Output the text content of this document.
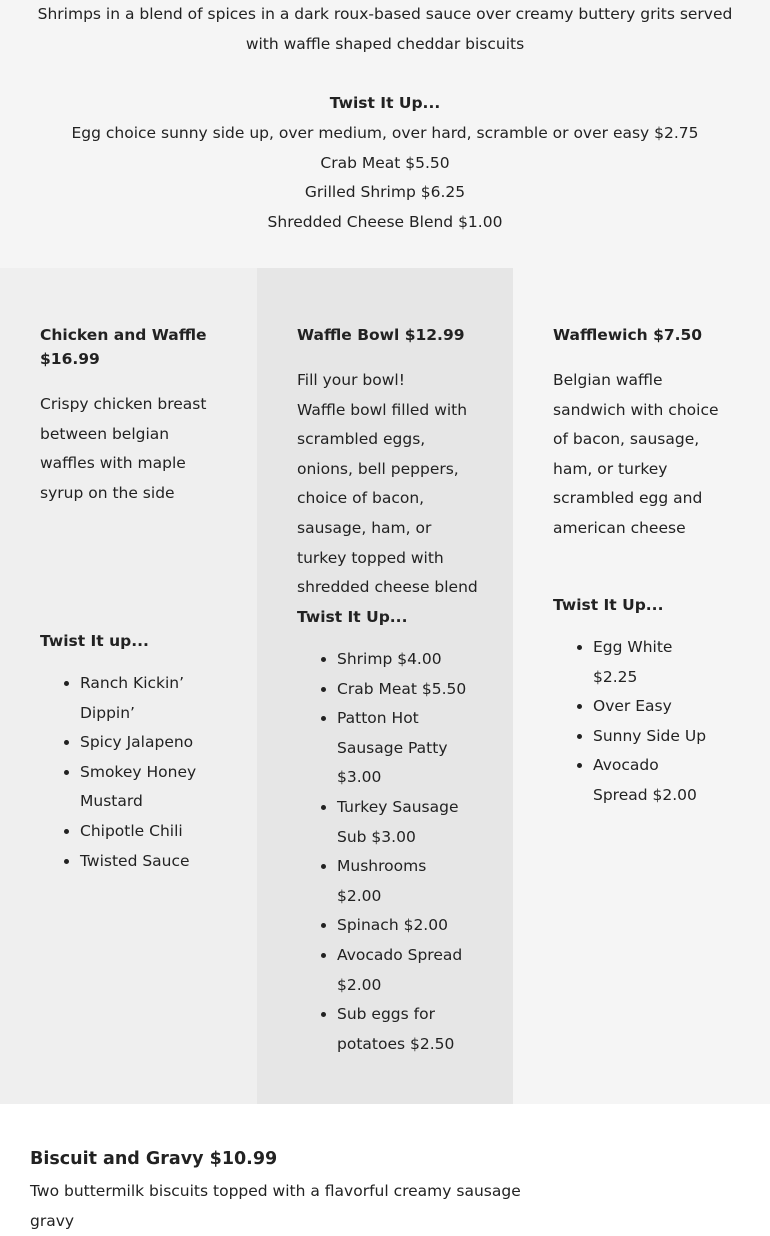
Shrimps in a blend of spices in a dark roux-based sauce over creamy buttery grits served with waffle shaped cheddar biscuits
Twist It Up...
Egg choice sunny side up, over medium, over hard, scramble or over easy $2.75
Crab Meat $5.50
Grilled Shrimp $6.25
Shredded Cheese Blend $1.00
Chicken and Waffle $16.99
Crispy chicken breast between belgian waffles with maple syrup on the side
Twist It up...
• Ranch Kickin’ Dippin’
• Spicy Jalapeno
• Smokey Honey Mustard
• Chipotle Chili
• Twisted Sauce
Waffle Bowl $12.99
Fill your bowl!
Waffle bowl filled with scrambled eggs, onions, bell peppers, choice of bacon, sausage, ham, or turkey topped with shredded cheese blend
Twist It Up...
• Shrimp $4.00
• Crab Meat $5.50
• Patton Hot Sausage Patty $3.00
• Turkey Sausage Sub $3.00
• Mushrooms $2.00
• Spinach $2.00
• Avocado Spread $2.00
• Sub eggs for potatoes $2.50
Wafflewich $7.50
Belgian waffle sandwich with choice of bacon, sausage, ham, or turkey scrambled egg and american cheese
Twist It Up...
• Egg White $2.25
• Over Easy
• Sunny Side Up
• Avocado Spread $2.00
Biscuit and Gravy $10.99
Two buttermilk biscuits topped with a flavorful creamy sausage gravy
